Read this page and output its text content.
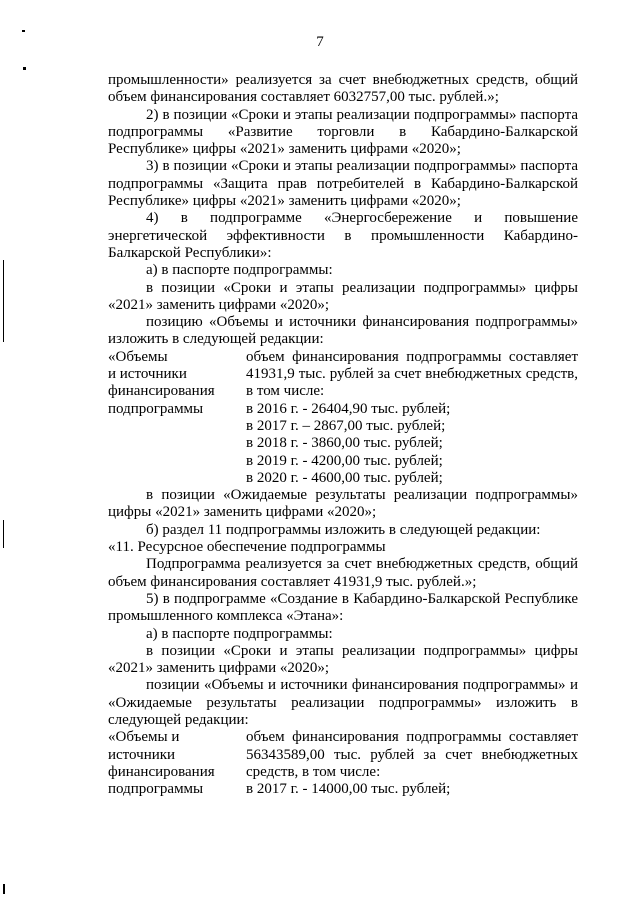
7

промышленности» реализуется за счет внебюджетных средств, общий объем финансирования составляет 6032757,00 тыс. рублей.»;

2) в позиции «Сроки и этапы реализации подпрограммы» паспорта подпрограммы «Развитие торговли в Кабардино-Балкарской Республике» цифры «2021» заменить цифрами «2020»;

3) в позиции «Сроки и этапы реализации подпрограммы» паспорта подпрограммы «Защита прав потребителей в Кабардино-Балкарской Республике» цифры «2021» заменить цифрами «2020»;

4) в подпрограмме «Энергосбережение и повышение энергетической эффективности в промышленности Кабардино-Балкарской Республики»:

а) в паспорте подпрограммы:

в позиции «Сроки и этапы реализации подпрограммы» цифры «2021» заменить цифрами «2020»;

позицию «Объемы и источники финансирования подпрограммы» изложить в следующей редакции:

«Объемы
и источники
финансирования
объем финансирования подпрограммы составляет 41931,9 тыс. рублей за счет внебюджетных средств, в том числе:
подпрограммы	в 2016 г. - 26404,90 тыс. рублей;
в 2017 г. – 2867,00 тыс. рублей;
в 2018 г. - 3860,00 тыс. рублей;
в 2019 г. - 4200,00 тыс. рублей;
в 2020 г. - 4600,00 тыс. рублей;

в позиции «Ожидаемые результаты реализации подпрограммы» цифры «2021» заменить цифрами «2020»;

б) раздел 11 подпрограммы изложить в следующей редакции:

«11. Ресурсное обеспечение подпрограммы

Подпрограмма реализуется за счет внебюджетных средств, общий объем финансирования составляет 41931,9 тыс. рублей.»;

5) в подпрограмме «Создание в Кабардино-Балкарской Республике промышленного комплекса «Этана»:

а) в паспорте подпрограммы:

в позиции «Сроки и этапы реализации подпрограммы» цифры «2021» заменить цифрами «2020»;

позиции «Объемы и источники финансирования подпрограммы» и «Ожидаемые результаты реализации подпрограммы» изложить в следующей редакции:

«Объемы и
источники
финансирования
объем финансирования подпрограммы составляет 56343589,00 тыс. рублей за счет внебюджетных средств, в том числе:
подпрограммы	в 2017 г. - 14000,00 тыс. рублей;
